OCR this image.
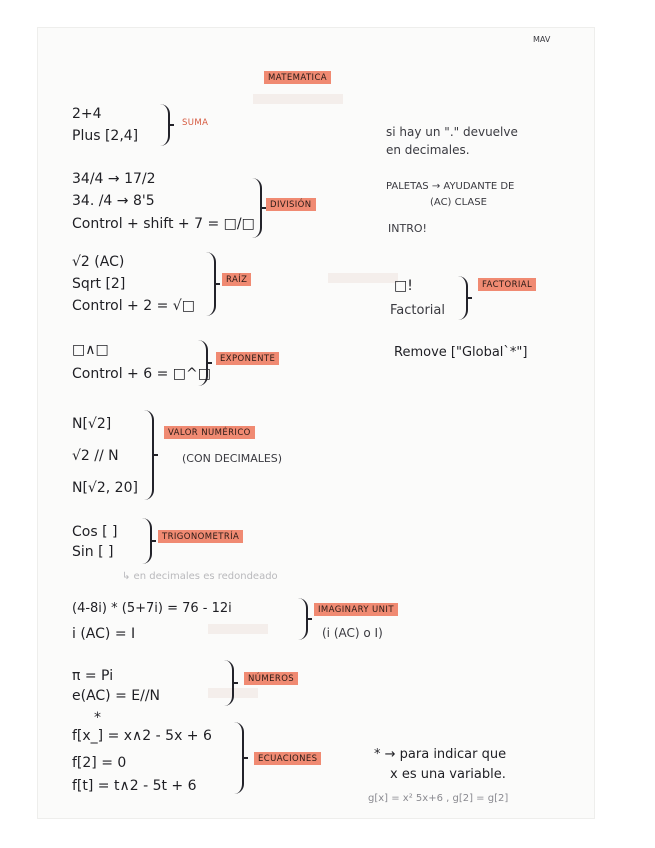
MAV
MATEMATICA
2+4
Plus [2,4]
SUMA
34/4 → 17/2
34. /4 → 8'5
Control + shift + 7 = □/□
DIVISIÓN
√2 (AC)
Sqrt [2]
Control + 2 = √□
RAÍZ
□∧□
Control + 6 = □^□
EXPONENTE
N[√2]
√2 // N
N[√2, 20]
VALOR NUMÉRICO
(CON DECIMALES)
Cos [ ]
Sin [ ]
TRIGONOMETRÍA
↳ en decimales es redondeado
(4-8i) * (5+7i) = 76 - 12i
i (AC) = I
IMAGINARY UNIT
(i (AC) o I)
π = Pi
e(AC) = E//N
NÚMEROS
*
f[x_] = x∧2 - 5x + 6
f[2] = 0
f[t] = t∧2 - 5t + 6
ECUACIONES
si hay un "." devuelve
en decimales.
PALETAS → AYUDANTE DE
(AC) CLASE
INTRO!
□!
Factorial
FACTORIAL
Remove ["Global`*"]
* → para indicar que
x es una variable.
g[x] = x² 5x+6 , g[2] = g[2]
